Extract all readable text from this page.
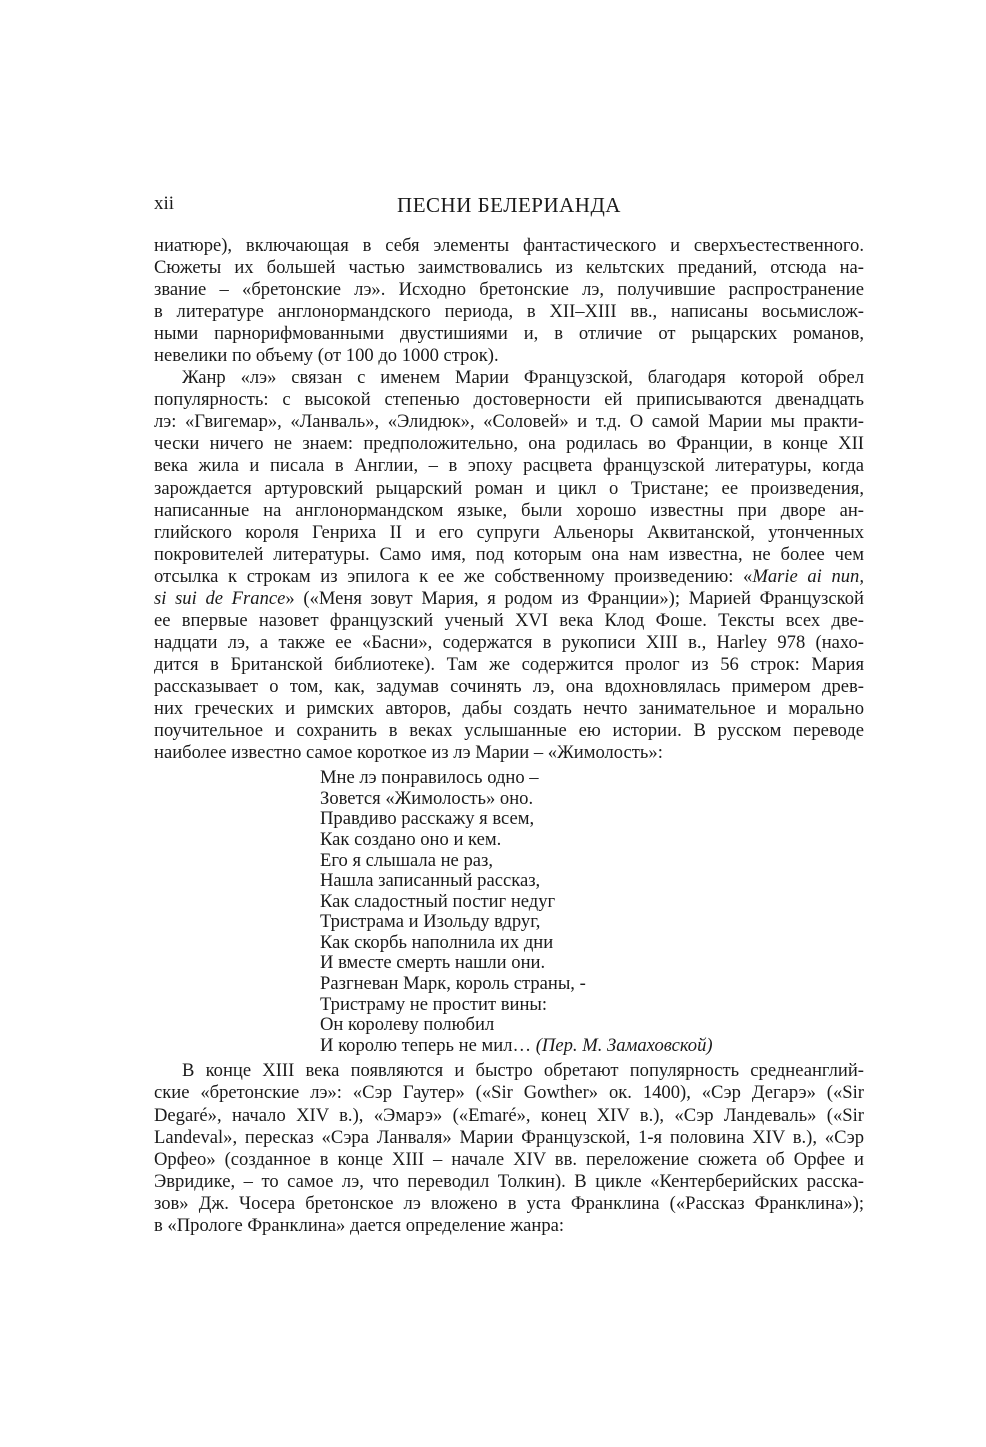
xii	ПЕСНИ БЕЛЕРИАНДА
ниатюре), включающая в себя элементы фантастического и сверхъестественного.
Сюжеты их большей частью заимствовались из кельтских преданий, отсюда на-
звание – «бретонские лэ». Исходно бретонские лэ, получившие распространение
в литературе англонормандского периода, в XII–XIII вв., написаны восьмислож-
ными парнорифмованными двустишиями и, в отличие от рыцарских романов,
невелики по объему (от 100 до 1000 строк).
Жанр «лэ» связан с именем Марии Французской, благодаря которой обрел
популярность: с высокой степенью достоверности ей приписываются двенадцать
лэ: «Гвигемар», «Ланваль», «Элидюк», «Соловей» и т.д. О самой Марии мы практи-
чески ничего не знаем: предположительно, она родилась во Франции, в конце XII
века жила и писала в Англии, – в эпоху расцвета французской литературы, когда
зарождается артуровский рыцарский роман и цикл о Тристане; ее произведения,
написанные на англонормандском языке, были хорошо известны при дворе ан-
глийского короля Генриха II и его супруги Альеноры Аквитанской, утонченных
покровителей литературы. Само имя, под которым она нам известна, не более чем
отсылка к строкам из эпилога к ее же собственному произведению: «Marie ai nun,
si sui de France» («Меня зовут Мария, я родом из Франции»); Марией Французской
ее впервые назовет французский ученый XVI века Клод Фоше. Тексты всех две-
надцати лэ, а также ее «Басни», содержатся в рукописи XIII в., Harley 978 (нахо-
дится в Британской библиотеке). Там же содержится пролог из 56 строк: Мария
рассказывает о том, как, задумав сочинять лэ, она вдохновлялась примером древ-
них греческих и римских авторов, дабы создать нечто занимательное и морально
поучительное и сохранить в веках услышанные ею истории. В русском переводе
наиболее известно самое короткое из лэ Марии – «Жимолость»:
Мне лэ понравилось одно –
Зовется «Жимолость» оно.
Правдиво расскажу я всем,
Как создано оно и кем.
Его я слышала не раз,
Нашла записанный рассказ,
Как сладостный постиг недуг
Тристрама и Изольду вдруг,
Как скорбь наполнила их дни
И вместе смерть нашли они.
Разгневан Марк, король страны, -
Тристраму не простит вины:
Он королеву полюбил
И королю теперь не мил… (Пер. М. Замаховской)
В конце XIII века появляются и быстро обретают популярность среднеанглий-
ские «бретонские лэ»: «Сэр Гаутер» («Sir Gowther» ок. 1400), «Сэр Дегарэ» («Sir
Degaré», начало XIV в.), «Эмарэ» («Emaré», конец XIV в.), «Сэр Ландеваль» («Sir
Landeval», пересказ «Сэра Ланваля» Марии Французской, 1-я половина XIV в.), «Сэр
Орфео» (созданное в конце XIII – начале XIV вв. переложение сюжета об Орфее и
Эвридике, – то самое лэ, что переводил Толкин). В цикле «Кентерберийских расска-
зов» Дж. Чосера бретонское лэ вложено в уста Франклина («Рассказ Франклина»);
в «Прологе Франклина» дается определение жанра:
